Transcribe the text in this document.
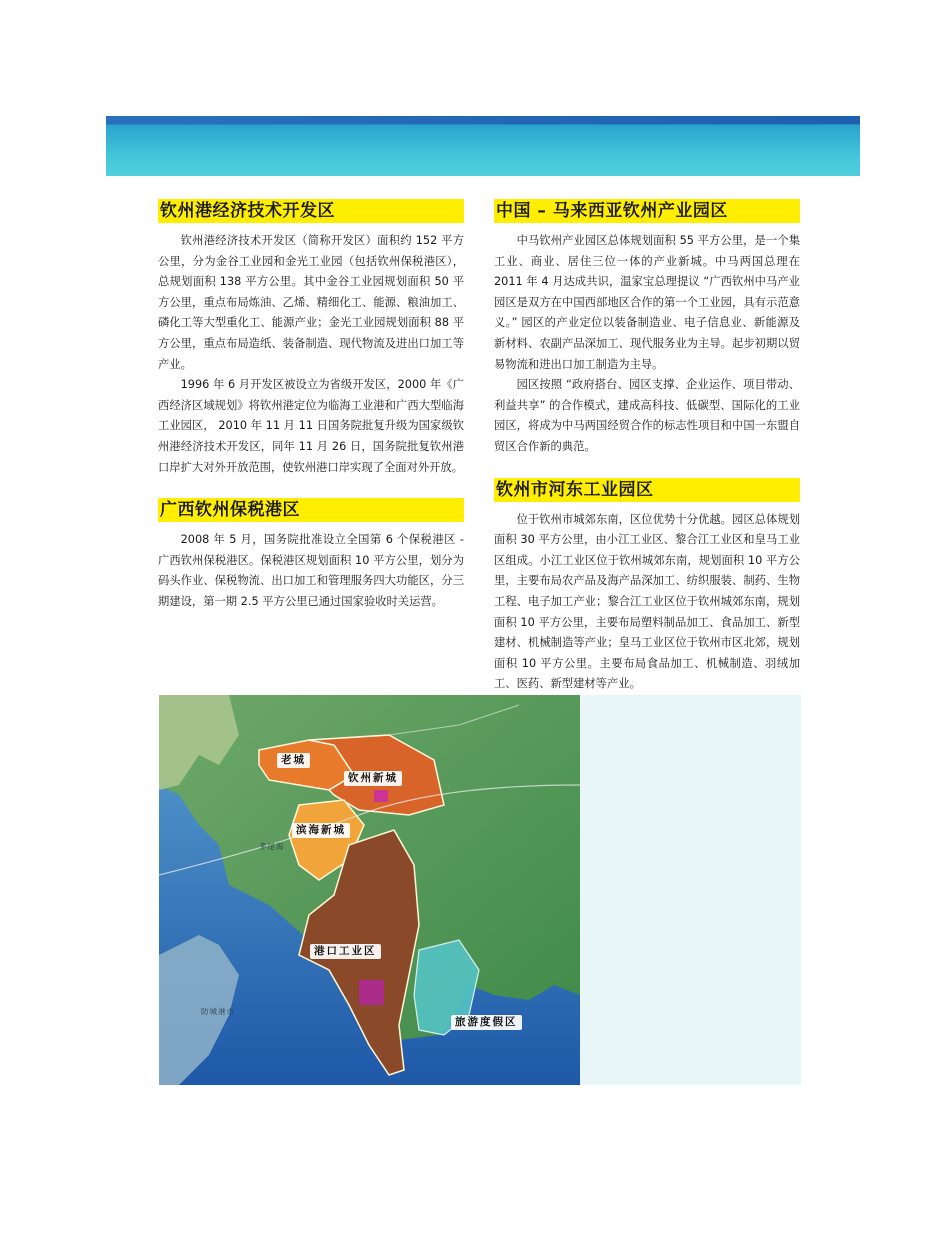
钦州港经济技术开发区

钦州港经济技术开发区（简称开发区）面积约 152 平方公里，分为金谷工业园和金光工业园（包括钦州保税港区），总规划面积 138 平方公里。其中金谷工业园规划面积 50 平方公里，重点布局炼油、乙烯、精细化工、能源、粮油加工、磷化工等大型重化工、能源产业；金光工业园规划面积 88 平方公里，重点布局造纸、装备制造、现代物流及进出口加工等产业。

1996 年 6 月开发区被设立为省级开发区，2000 年《广西经济区域规划》将钦州港定位为临海工业港和广西大型临海工业园区， 2010 年 11 月 11 日国务院批复升级为国家级钦州港经济技术开发区，同年 11 月 26 日，国务院批复钦州港口岸扩大对外开放范围，使钦州港口岸实现了全面对外开放。

广西钦州保税港区

2008 年 5 月，国务院批准设立全国第 6 个保税港区 - 广西钦州保税港区。保税港区规划面积 10 平方公里，划分为码头作业、保税物流、出口加工和管理服务四大功能区，分三期建设，第一期 2.5 平方公里已通过国家验收时关运营。

中国 – 马来西亚钦州产业园区

中马钦州产业园区总体规划面积 55 平方公里，是一个集工业、商业、居住三位一体的产业新城。中马两国总理在 2011 年 4 月达成共识，温家宝总理提议 “广西钦州中马产业园区是双方在中国西部地区合作的第一个工业园，具有示范意义。” 园区的产业定位以装备制造业、电子信息业、新能源及新材料、农副产品深加工、现代服务业为主导。起步初期以贸易物流和进出口加工制造为主导。

园区按照 “政府搭台、园区支撑、企业运作、项目带动、利益共享” 的合作模式，建成高科技、低碳型、国际化的工业园区，将成为中马两国经贸合作的标志性项目和中国一东盟自贸区合作新的典范。

钦州市河东工业园区

位于钦州市城郊东南，区位优势十分优越。园区总体规划面积 30 平方公里，由小江工业区、黎合江工业区和皇马工业区组成。小江工业区位于钦州城郊东南，规划面积 10 平方公里，主要布局农产品及海产品深加工、纺织服装、制药、生物工程、电子加工产业；黎合江工业区位于钦州城郊东南，规划面积 10 平方公里，主要布局塑料制品加工、食品加工、新型建材、机械制造等产业；皇马工业区位于钦州市区北郊，规划面积 10 平方公里。主要布局食品加工、机械制造、羽绒加工、医药、新型建材等产业。

老城
钦州新城
滨海新城
港口工业区
旅游度假区
防城港市
茅尾海
